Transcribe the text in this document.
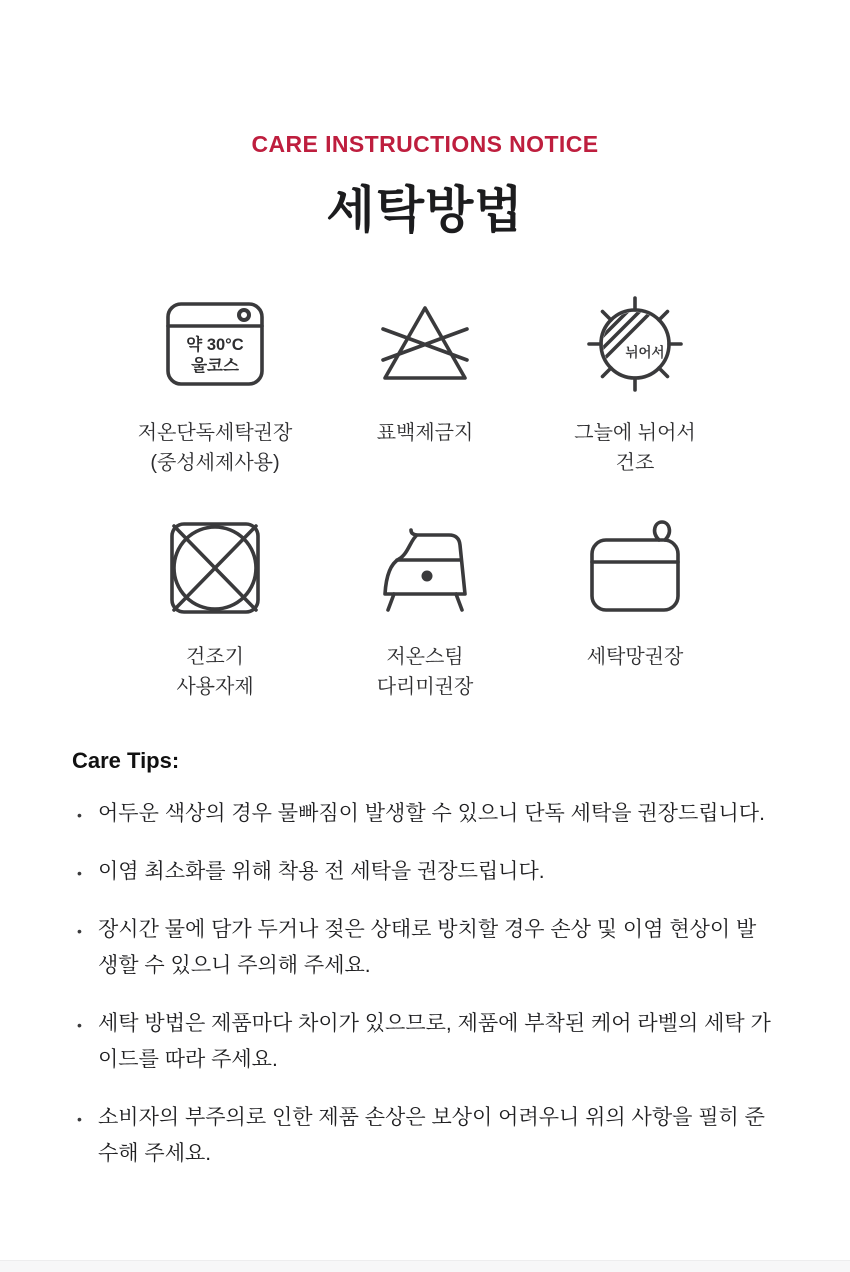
CARE INSTRUCTIONS NOTICE
세탁방법
약 30°C
울코스
저온단독세탁권장
(중성세제사용)
표백제금지
뉘어서
그늘에 뉘어서
건조
건조기
사용자제
저온스팀
다리미권장
세탁망권장
Care Tips:
• 어두운 색상의 경우 물빠짐이 발생할 수 있으니 단독 세탁을 권장드립니다.
• 이염 최소화를 위해 착용 전 세탁을 권장드립니다.
• 장시간 물에 담가 두거나 젖은 상태로 방치할 경우 손상 및 이염 현상이 발생할 수 있으니 주의해 주세요.
• 세탁 방법은 제품마다 차이가 있으므로, 제품에 부착된 케어 라벨의 세탁 가이드를 따라 주세요.
• 소비자의 부주의로 인한 제품 손상은 보상이 어려우니 위의 사항을 필히 준수해 주세요.
